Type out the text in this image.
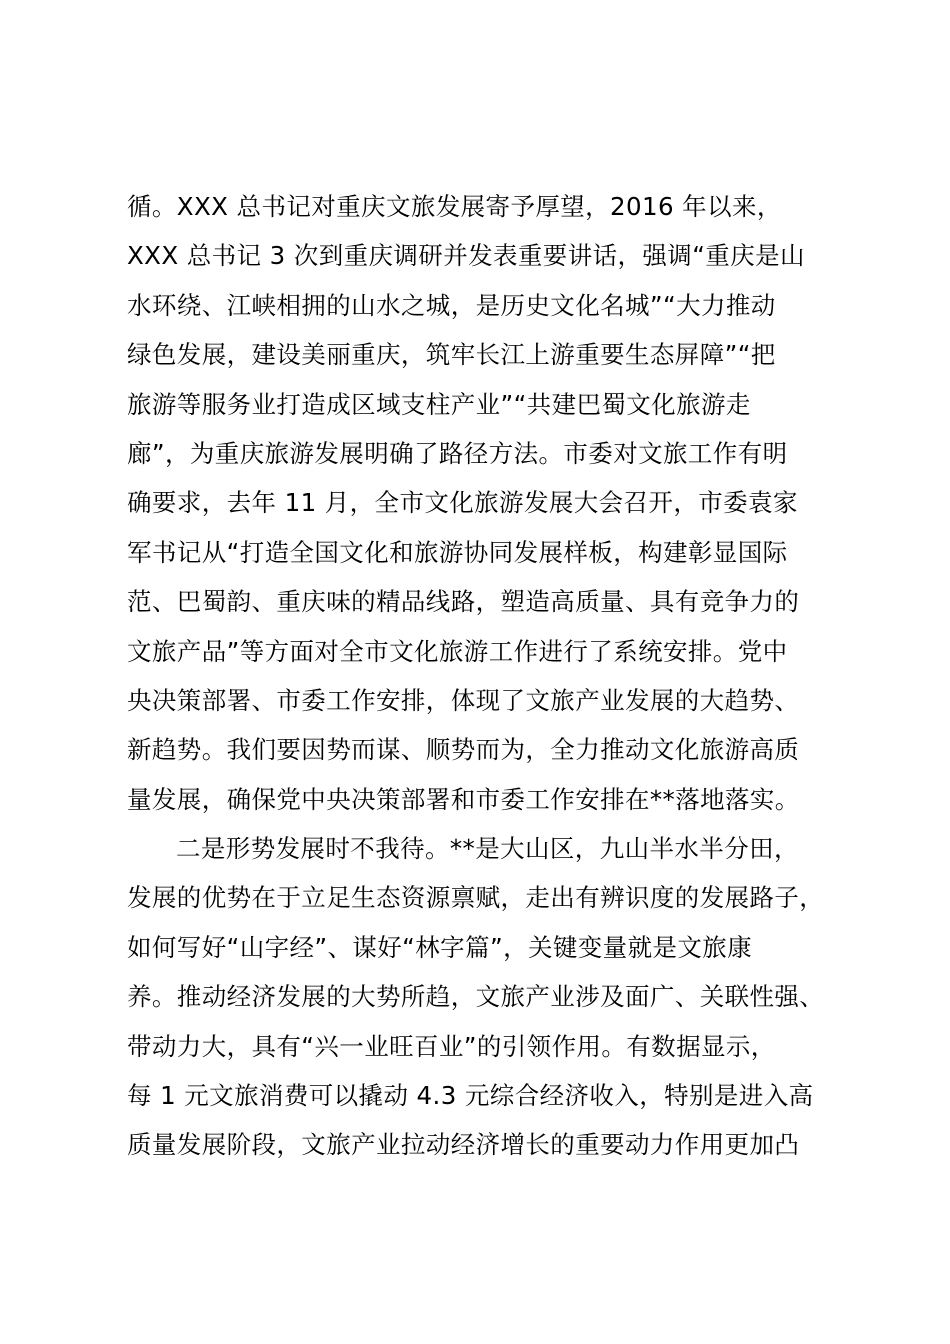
循。XXX 总书记对重庆文旅发展寄予厚望，2016 年以来，
XXX 总书记 3 次到重庆调研并发表重要讲话，强调“重庆是山
水环绕、江峡相拥的山水之城，是历史文化名城”“大力推动
绿色发展，建设美丽重庆，筑牢长江上游重要生态屏障”“把
旅游等服务业打造成区域支柱产业”“共建巴蜀文化旅游走
廊”，为重庆旅游发展明确了路径方法。市委对文旅工作有明
确要求，去年 11 月，全市文化旅游发展大会召开，市委袁家
军书记从“打造全国文化和旅游协同发展样板，构建彰显国际
范、巴蜀韵、重庆味的精品线路，塑造高质量、具有竞争力的
文旅产品”等方面对全市文化旅游工作进行了系统安排。党中
央决策部署、市委工作安排，体现了文旅产业发展的大趋势、
新趋势。我们要因势而谋、顺势而为，全力推动文化旅游高质
量发展，确保党中央决策部署和市委工作安排在**落地落实。
二是形势发展时不我待。**是大山区，九山半水半分田，
发展的优势在于立足生态资源禀赋，走出有辨识度的发展路子，
如何写好“山字经”、谋好“林字篇”，关键变量就是文旅康
养。推动经济发展的大势所趋，文旅产业涉及面广、关联性强、
带动力大，具有“兴一业旺百业”的引领作用。有数据显示，
每 1 元文旅消费可以撬动 4.3 元综合经济收入，特别是进入高
质量发展阶段，文旅产业拉动经济增长的重要动力作用更加凸
